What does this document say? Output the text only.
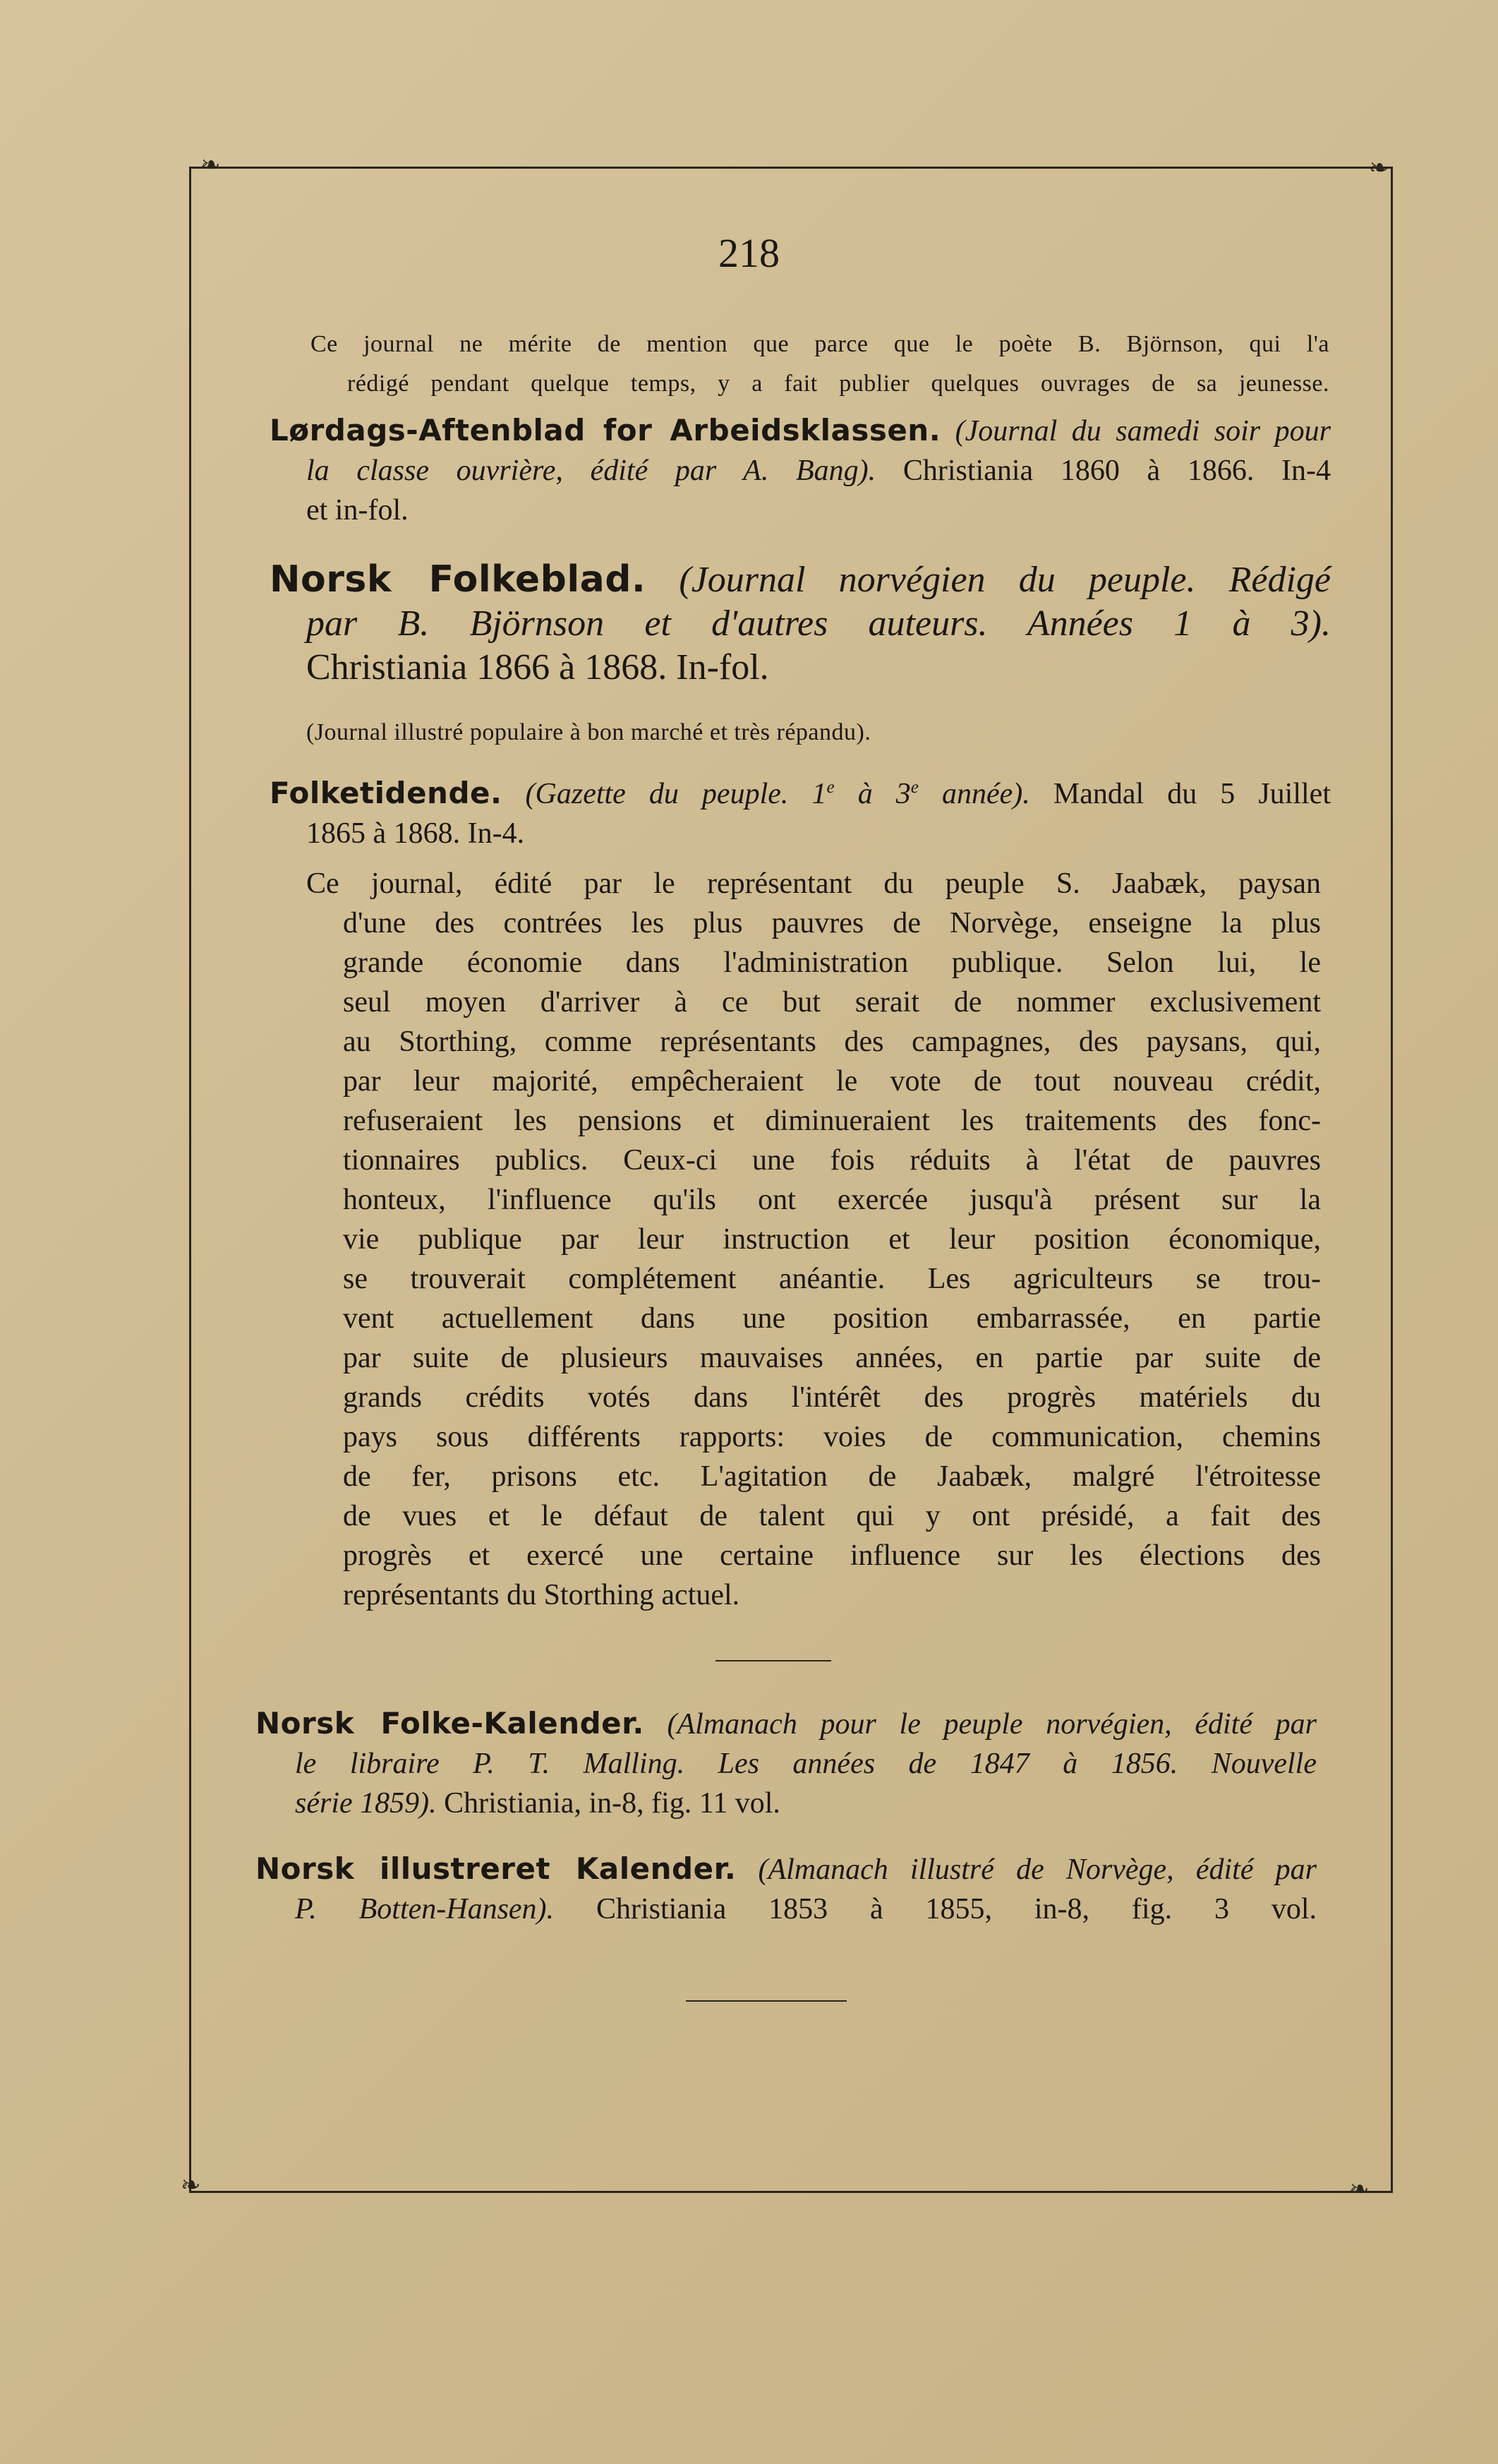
❧	❧
❧	❧
218
Ce journal ne mérite de mention que parce que le poète B. Björnson, qui l'a
rédigé pendant quelque temps, y a fait publier quelques ouvrages de sa jeunesse.
Lørdags-Aftenblad for Arbeidsklassen. (Journal du samedi soir pour
la classe ouvrière, édité par A. Bang). Christiania 1860 à 1866. In-4
et in-fol.
Norsk Folkeblad. (Journal norvégien du peuple. Rédigé
par B. Björnson et d'autres auteurs. Années 1 à 3).
Christiania 1866 à 1868. In-fol.
(Journal illustré populaire à bon marché et très répandu).
Folketidende. (Gazette du peuple. 1e à 3e année). Mandal du 5 Juillet
1865 à 1868. In-4.

Ce journal, édité par le représentant du peuple S. Jaabæk, paysan

d'une des contrées les plus pauvres de Norvège, enseigne la plus

grande économie dans l'administration publique. Selon lui, le

seul moyen d'arriver à ce but serait de nommer exclusivement

au Storthing, comme représentants des campagnes, des paysans, qui,

par leur majorité, empêcheraient le vote de tout nouveau crédit,

refuseraient les pensions et diminueraient les traitements des fonc-

tionnaires publics. Ceux-ci une fois réduits à l'état de pauvres

honteux, l'influence qu'ils ont exercée jusqu'à présent sur la

vie publique par leur instruction et leur position économique,

se trouverait complétement anéantie. Les agriculteurs se trou-

vent actuellement dans une position embarrassée, en partie

par suite de plusieurs mauvaises années, en partie par suite de

grands crédits votés dans l'intérêt des progrès matériels du

pays sous différents rapports: voies de communication, chemins

de fer, prisons etc. L'agitation de Jaabæk, malgré l'étroitesse

de vues et le défaut de talent qui y ont présidé, a fait des

progrès et exercé une certaine influence sur les élections des

représentants du Storthing actuel.

Norsk Folke-Kalender. (Almanach pour le peuple norvégien, édité par
le libraire P. T. Malling. Les années de 1847 à 1856. Nouvelle
série 1859). Christiania, in-8, fig. 11 vol.
Norsk illustreret Kalender. (Almanach illustré de Norvège, édité par
P. Botten-Hansen). Christiania 1853 à 1855, in-8, fig. 3 vol.
